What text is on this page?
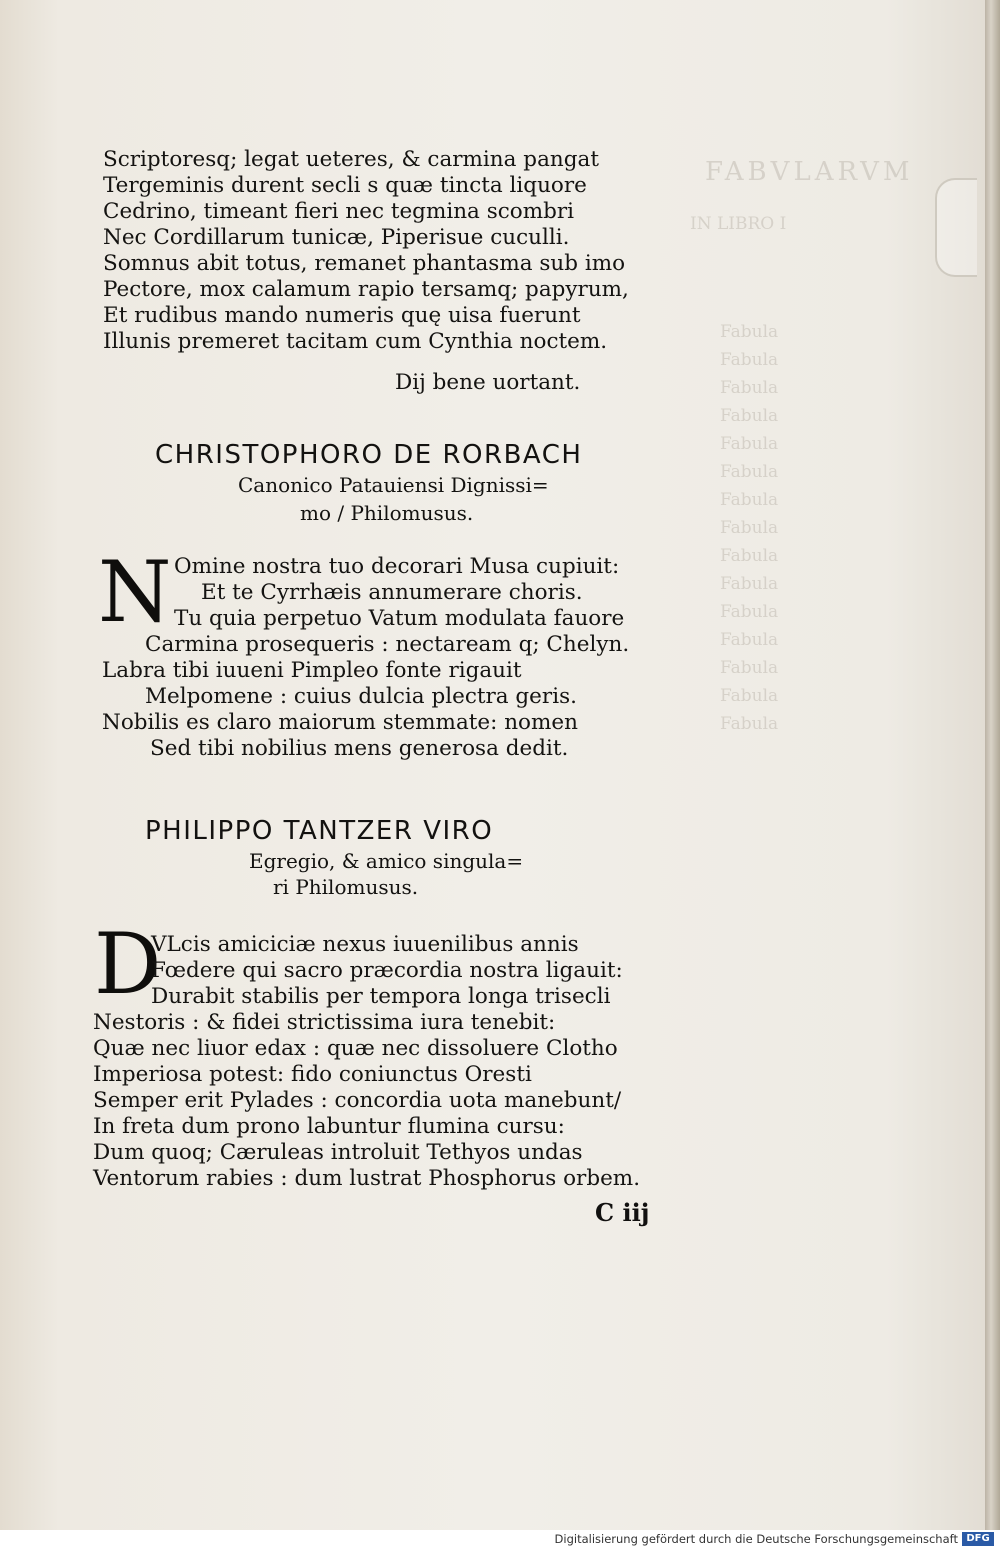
FABVLARVM
IN LIBRO I
Fabula
Fabula
Fabula
Fabula
Fabula
Fabula
Fabula
Fabula
Fabula
Fabula
Fabula
Fabula
Fabula
Fabula
Fabula
Scriptoresq; legat ueteres, & carmina pangat
Tergeminis durent secli s quæ tincta liquore
Cedrino, timeant fieri nec tegmina scombri
Nec Cordillarum tunicæ, Piperisue cuculli.
Somnus abit totus, remanet phantasma sub imo
Pectore, mox calamum rapio tersamq; papyrum,
Et rudibus mando numeris quę uisa fuerunt
Illunis premeret tacitam cum Cynthia noctem.
Dij bene uortant.
CHRISTOPHORO DE RORBACH
Canonico Patauiensi Dignissi=
mo / Philomusus.
N Omine nostra tuo decorari Musa cupiuit:
Et te Cyrrhæis annumerare choris.
Tu quia perpetuo Vatum modulata fauore
Carmina prosequeris : nectaream q; Chelyn.
Labra tibi iuueni Pimpleo fonte rigauit
Melpomene : cuius dulcia plectra geris.
Nobilis es claro maiorum stemmate: nomen
Sed tibi nobilius mens generosa dedit.
PHILIPPO TANTZER VIRO
Egregio, & amico singula=
ri Philomusus.
D
VLcis amiciciæ nexus iuuenilibus annis
Fœdere qui sacro præcordia nostra ligauit:
Durabit stabilis per tempora longa trisecli
Nestoris : & fidei strictissima iura tenebit:
Quæ nec liuor edax : quæ nec dissoluere Clotho
Imperiosa potest: fido coniunctus Oresti
Semper erit Pylades : concordia uota manebunt/
In freta dum prono labuntur flumina cursu:
Dum quoq; Cæruleas introluit Tethyos undas
Ventorum rabies : dum lustrat Phosphorus orbem.
C iij
Digitalisierung gefördert durch die Deutsche Forschungsgemeinschaft DFG
